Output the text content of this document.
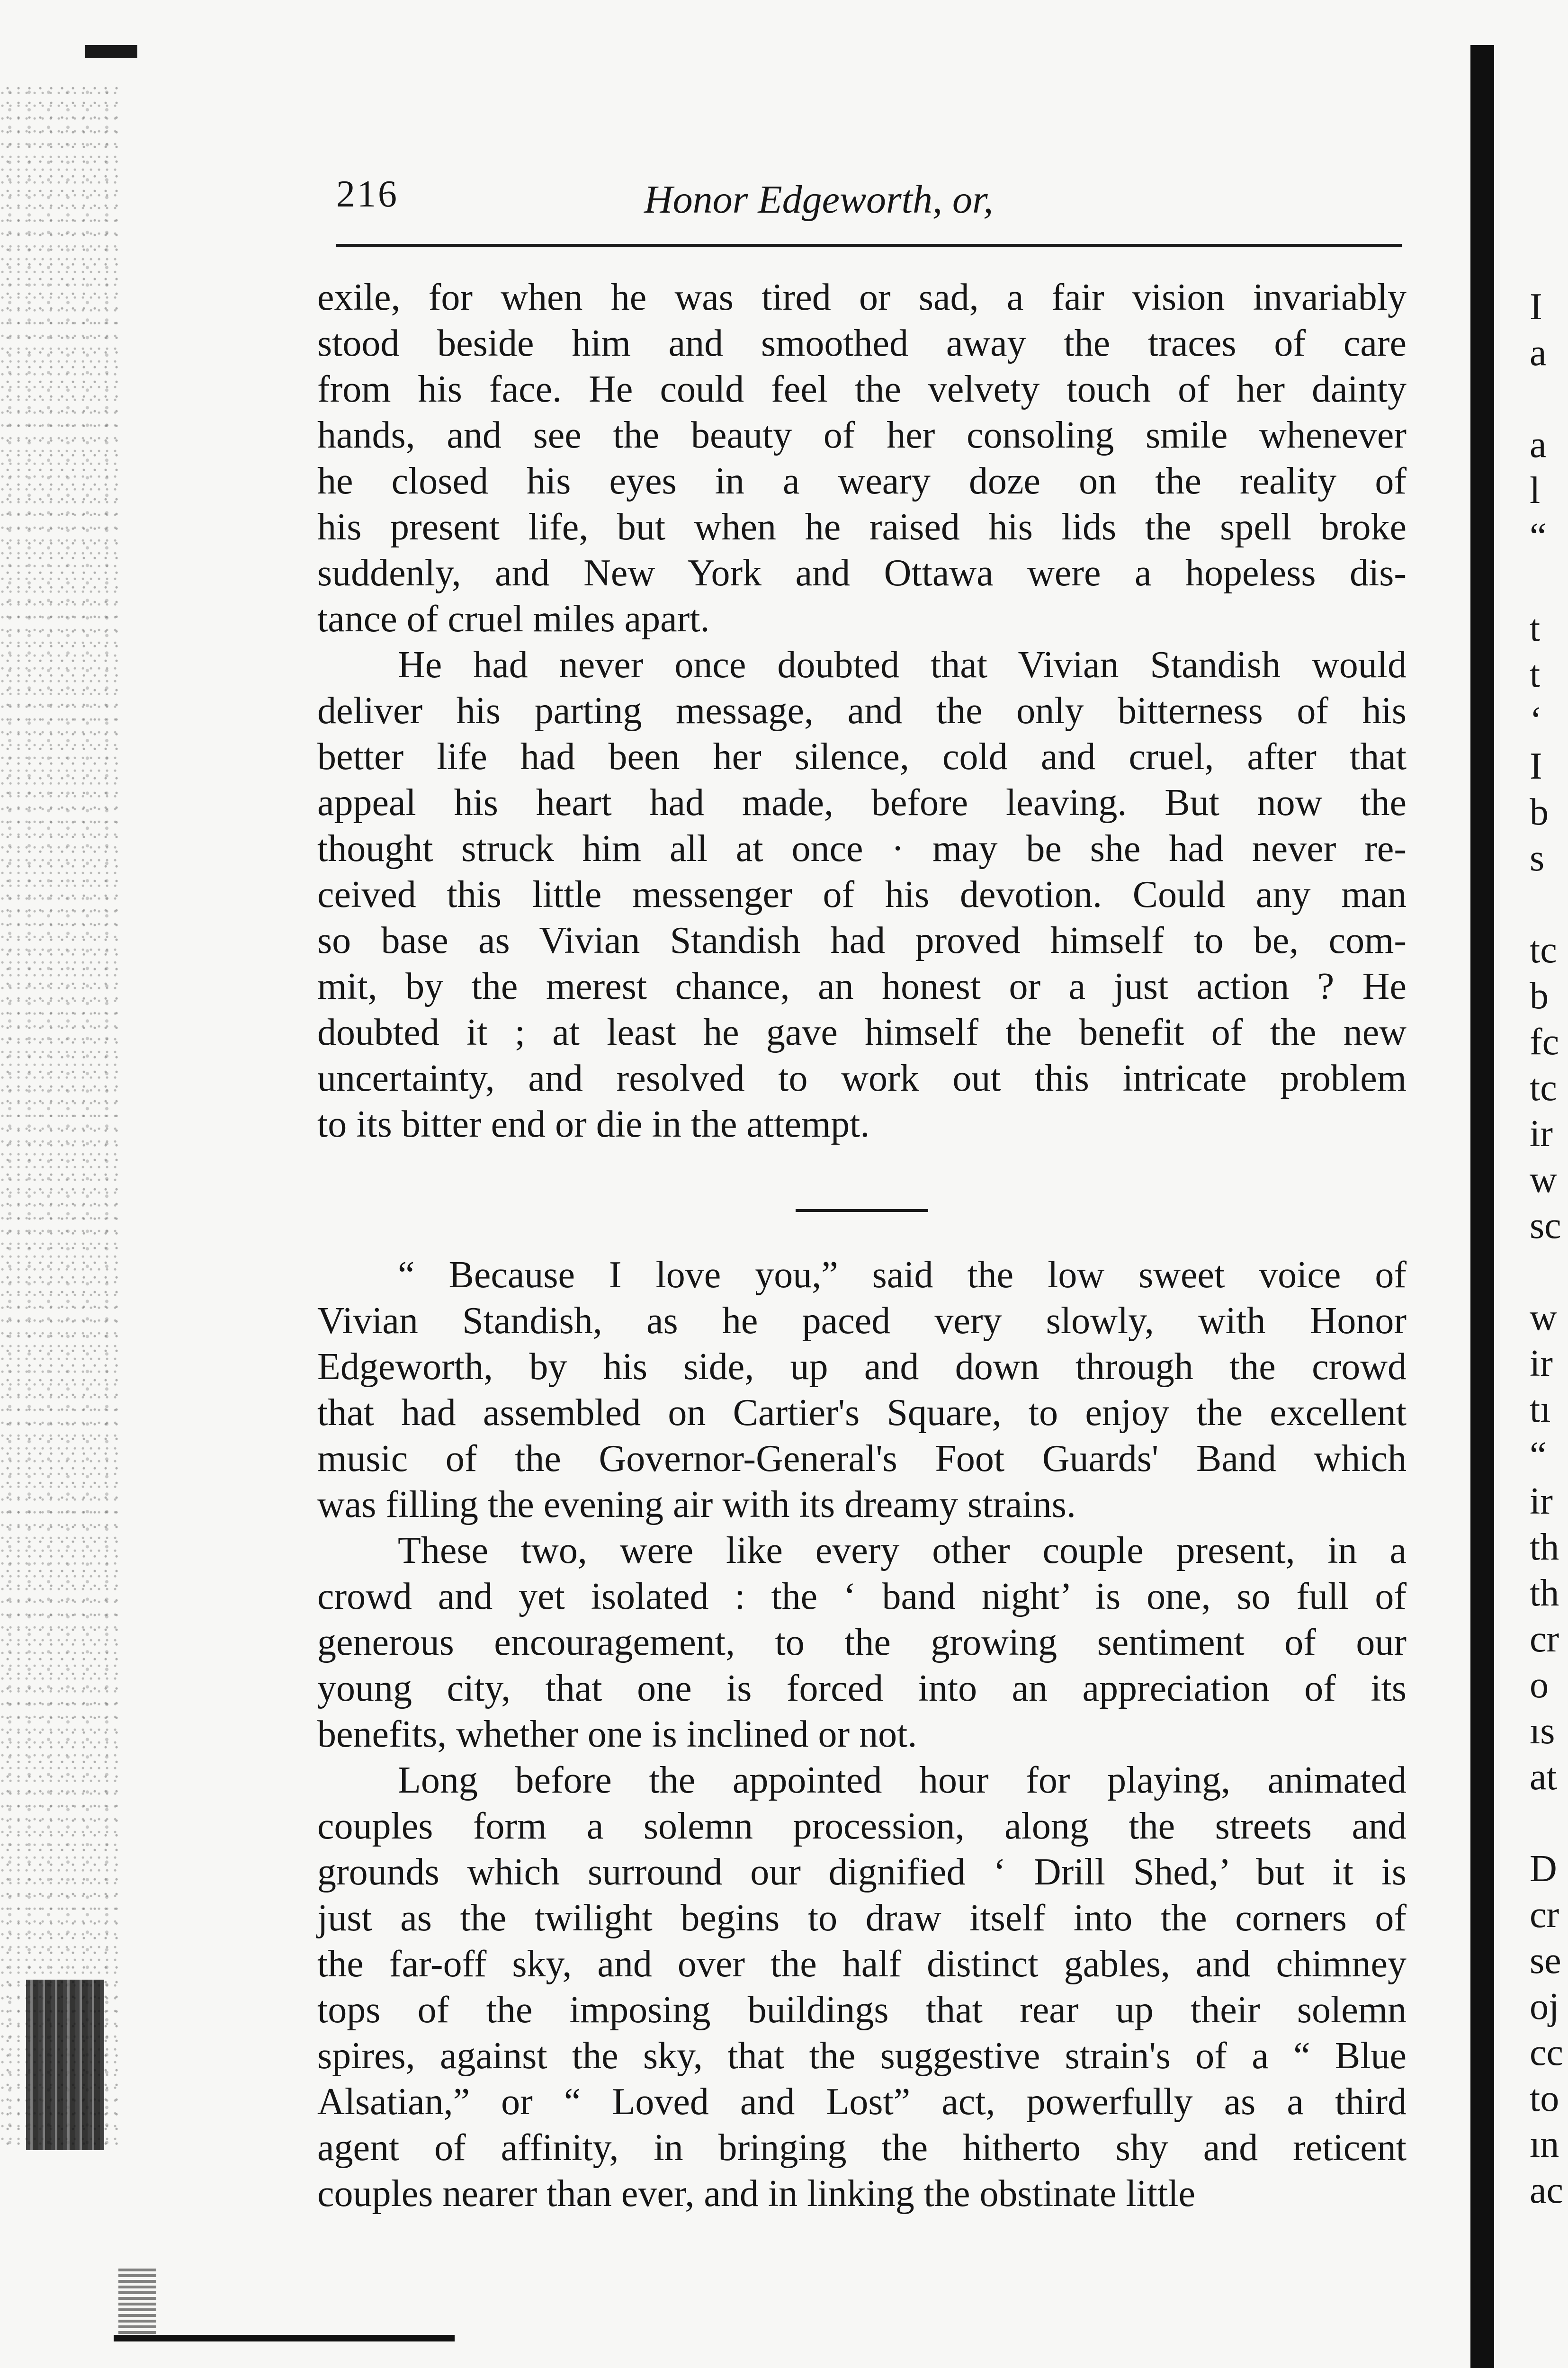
216	Honor Edgeworth, or,

exile, for when he was tired or sad, a fair vision invariably
stood beside him and smoothed away the traces of care
from his face. He could feel the velvety touch of her dainty
hands, and see the beauty of her consoling smile whenever
he closed his eyes in a weary doze on the reality of
his present life, but when he raised his lids the spell broke
suddenly, and New York and Ottawa were a hopeless dis-
tance of cruel miles apart.

He had never once doubted that Vivian Standish would
deliver his parting message, and the only bitterness of his
better life had been her silence, cold and cruel, after that
appeal his heart had made, before leaving. But now the
thought struck him all at once · may be she had never re-
ceived this little messenger of his devotion. Could any man
so base as Vivian Standish had proved himself to be, com-
mit, by the merest chance, an honest or a just action ? He
doubted it ; at least he gave himself the benefit of the new
uncertainty, and resolved to work out this intricate problem
to its bitter end or die in the attempt.

“ Because I love you,” said the low sweet voice of
Vivian Standish, as he paced very slowly, with Honor
Edgeworth, by his side, up and down through the crowd
that had assembled on Cartier's Square, to enjoy the excellent
music of the Governor-General's Foot Guards' Band which
was filling the evening air with its dreamy strains.

These two, were like every other couple present, in a
crowd and yet isolated : the ‘ band night’ is one, so full of
generous encouragement, to the growing sentiment of our
young city, that one is forced into an appreciation of its
benefits, whether one is inclined or not.

Long before the appointed hour for playing, animated
couples form a solemn procession, along the streets and
grounds which surround our dignified ‘ Drill Shed,’ but it is
just as the twilight begins to draw itself into the corners of
the far-off sky, and over the half distinct gables, and chimney
tops of the imposing buildings that rear up their solemn
spires, against the sky, that the suggestive strain's of a “ Blue
Alsatian,” or “ Loved and Lost” act, powerfully as a third
agent of affinity, in bringing the hitherto shy and reticent
couples nearer than ever, and in linking the obstinate little

I
a
a
l
“
t
t
‘
I
b
s
tc
b
fc
tc
ir
w
sc
w
ir
tı
“
ir
th
th
cr
o
ıs
at
D
cr
se
oj
cc
to
ın
ac
